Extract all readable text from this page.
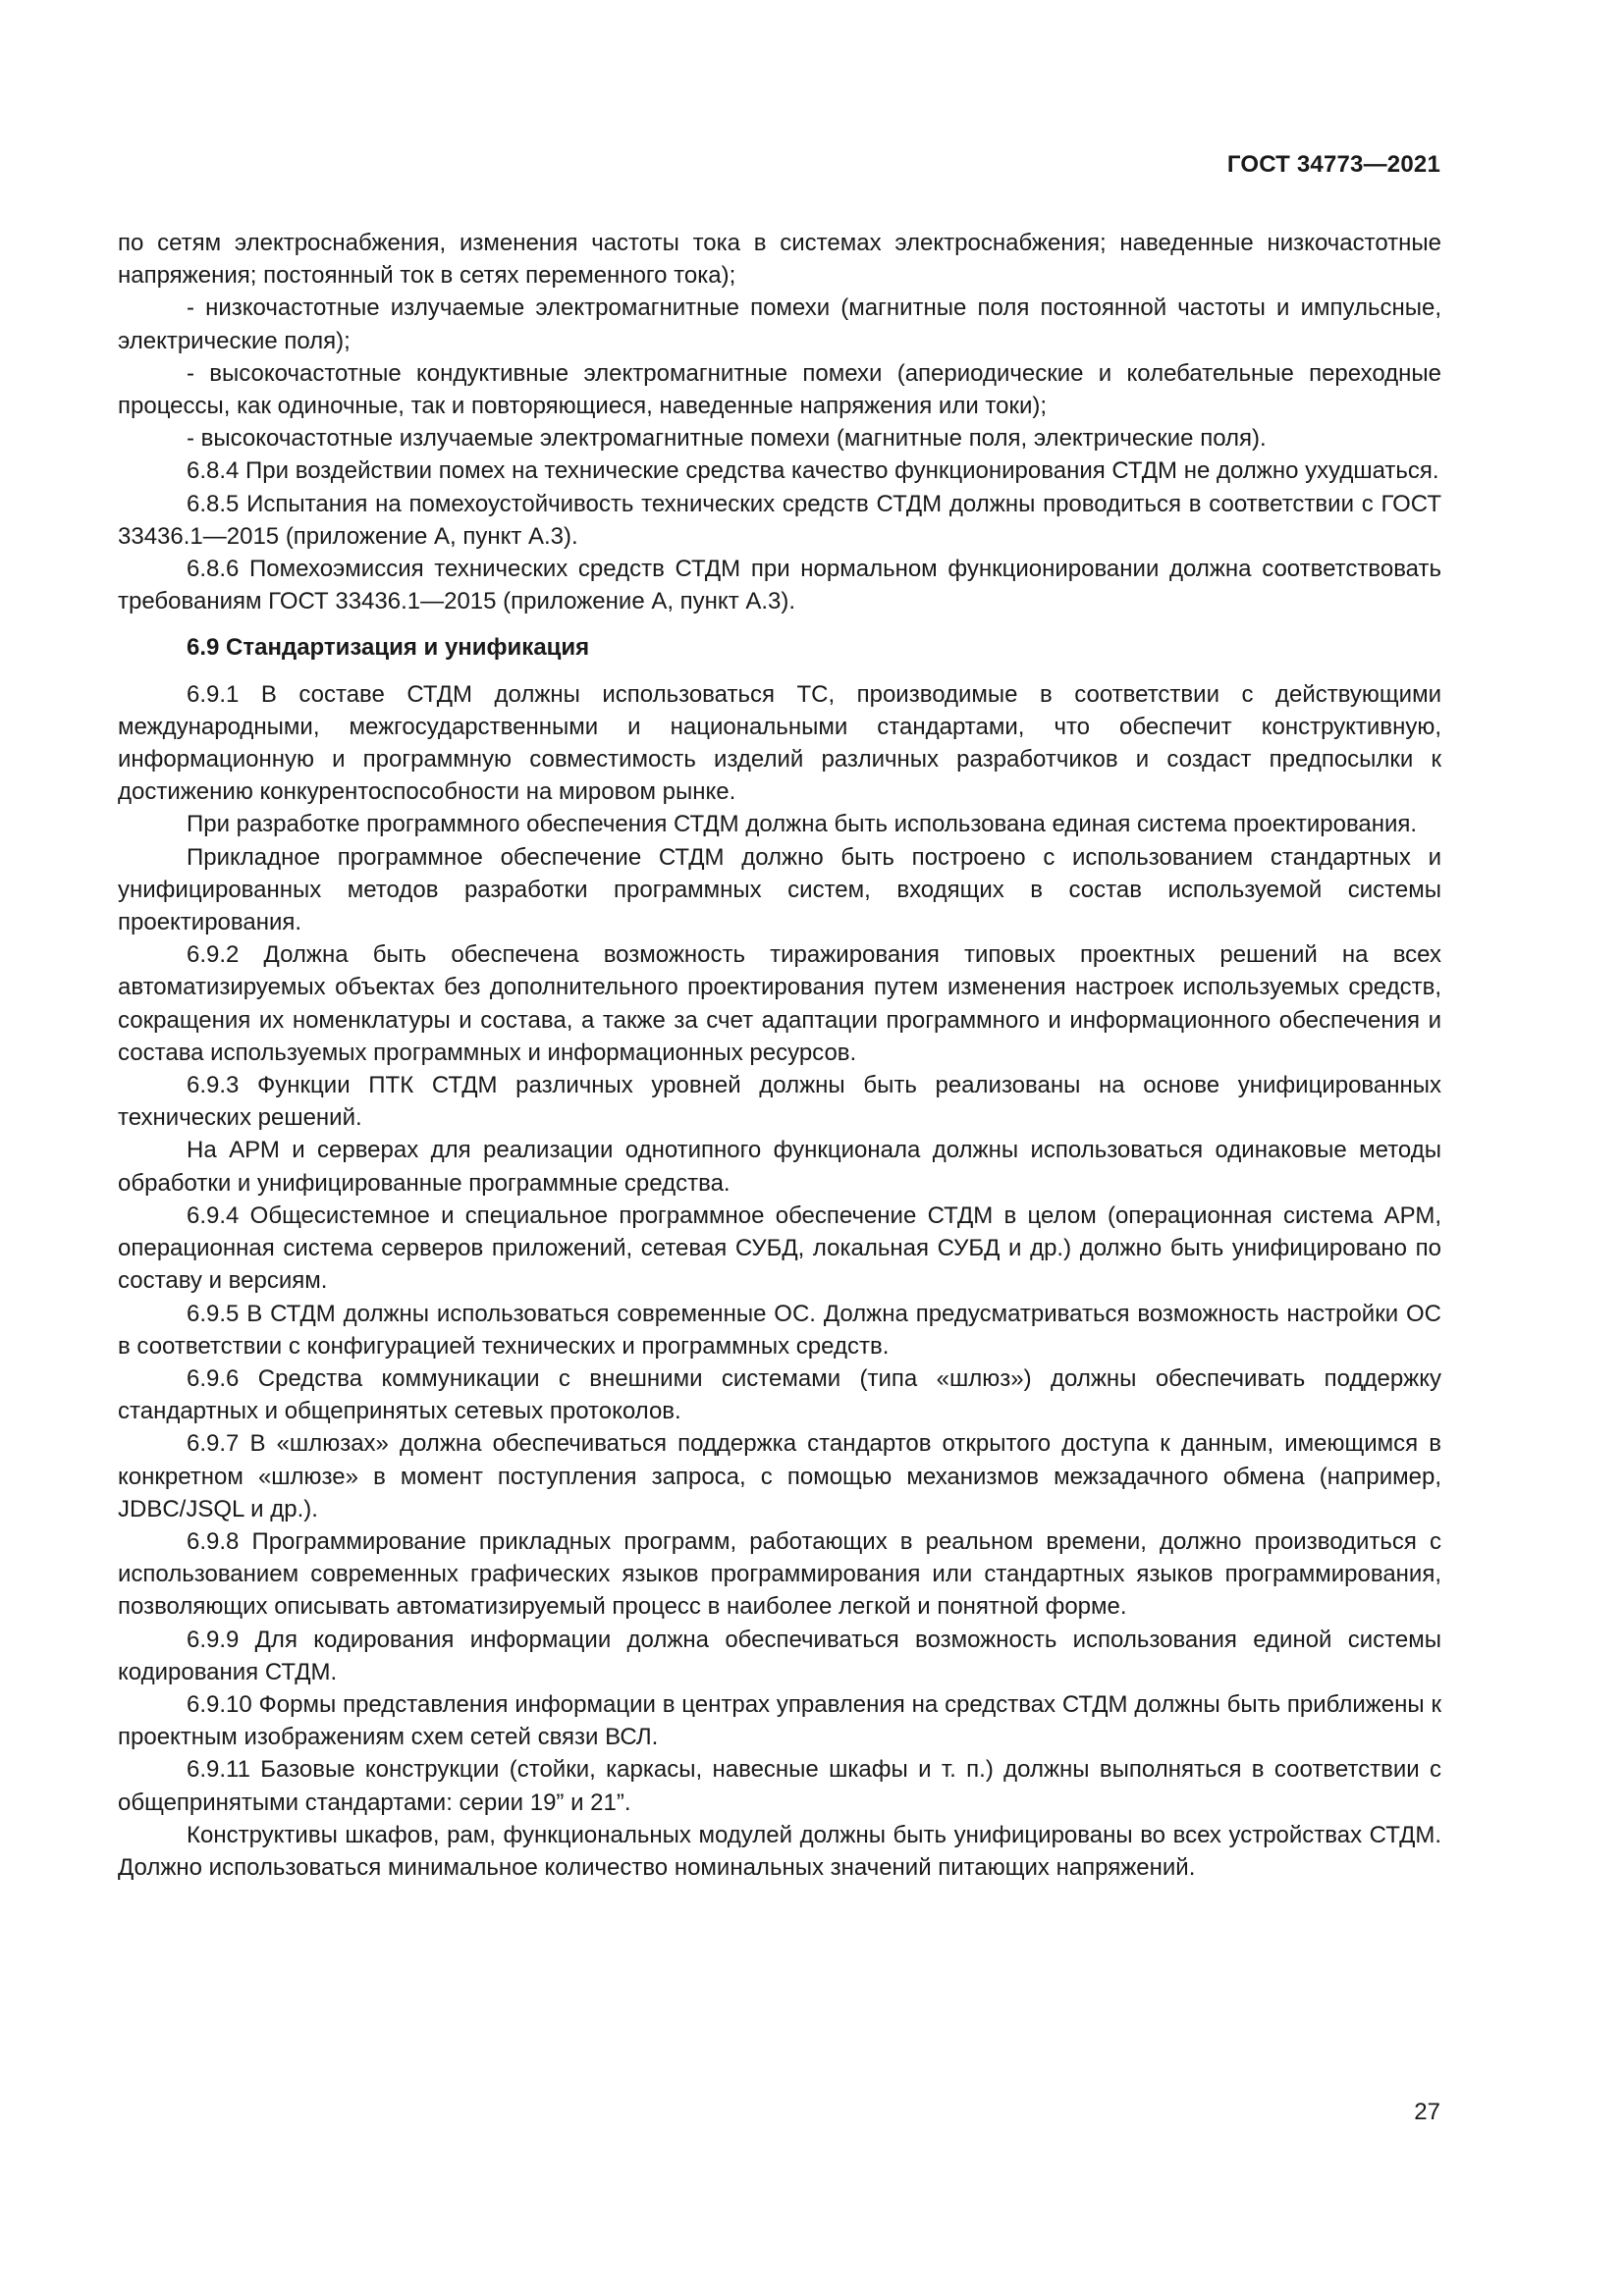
ГОСТ 34773—2021

по сетям электроснабжения, изменения частоты тока в системах электроснабжения; наведенные низкочастотные напряжения; постоянный ток в сетях переменного тока);

- низкочастотные излучаемые электромагнитные помехи (магнитные поля постоянной частоты и импульсные, электрические поля);

- высокочастотные кондуктивные электромагнитные помехи (апериодические и колебательные переходные процессы, как одиночные, так и повторяющиеся, наведенные напряжения или токи);

- высокочастотные излучаемые электромагнитные помехи (магнитные поля, электрические поля).

6.8.4 При воздействии помех на технические средства качество функционирования СТДМ не должно ухудшаться.

6.8.5 Испытания на помехоустойчивость технических средств СТДМ должны проводиться в соответствии с ГОСТ 33436.1—2015 (приложение А, пункт А.3).

6.8.6 Помехоэмиссия технических средств СТДМ при нормальном функционировании должна соответствовать требованиям ГОСТ 33436.1—2015 (приложение А, пункт А.3).

6.9 Стандартизация и унификация

6.9.1 В составе СТДМ должны использоваться ТС, производимые в соответствии с действующими международными, межгосударственными и национальными стандартами, что обеспечит конструктивную, информационную и программную совместимость изделий различных разработчиков и создаст предпосылки к достижению конкурентоспособности на мировом рынке.

При разработке программного обеспечения СТДМ должна быть использована единая система проектирования.

Прикладное программное обеспечение СТДМ должно быть построено с использованием стандартных и унифицированных методов разработки программных систем, входящих в состав используемой системы проектирования.

6.9.2 Должна быть обеспечена возможность тиражирования типовых проектных решений на всех автоматизируемых объектах без дополнительного проектирования путем изменения настроек используемых средств, сокращения их номенклатуры и состава, а также за счет адаптации программного и информационного обеспечения и состава используемых программных и информационных ресурсов.

6.9.3 Функции ПТК СТДМ различных уровней должны быть реализованы на основе унифицированных технических решений.

На АРМ и серверах для реализации однотипного функционала должны использоваться одинаковые методы обработки и унифицированные программные средства.

6.9.4 Общесистемное и специальное программное обеспечение СТДМ в целом (операционная система АРМ, операционная система серверов приложений, сетевая СУБД, локальная СУБД и др.) должно быть унифицировано по составу и версиям.

6.9.5 В СТДМ должны использоваться современные ОС. Должна предусматриваться возможность настройки ОС в соответствии с конфигурацией технических и программных средств.

6.9.6 Средства коммуникации с внешними системами (типа «шлюз») должны обеспечивать поддержку стандартных и общепринятых сетевых протоколов.

6.9.7 В «шлюзах» должна обеспечиваться поддержка стандартов открытого доступа к данным, имеющимся в конкретном «шлюзе» в момент поступления запроса, с помощью механизмов межзадачного обмена (например, JDBC/JSQL и др.).

6.9.8 Программирование прикладных программ, работающих в реальном времени, должно производиться с использованием современных графических языков программирования или стандартных языков программирования, позволяющих описывать автоматизируемый процесс в наиболее легкой и понятной форме.

6.9.9 Для кодирования информации должна обеспечиваться возможность использования единой системы кодирования СТДМ.

6.9.10 Формы представления информации в центрах управления на средствах СТДМ должны быть приближены к проектным изображениям схем сетей связи ВСЛ.

6.9.11 Базовые конструкции (стойки, каркасы, навесные шкафы и т. п.) должны выполняться в соответствии с общепринятыми стандартами: серии 19” и 21”.

Конструктивы шкафов, рам, функциональных модулей должны быть унифицированы во всех устройствах СТДМ. Должно использоваться минимальное количество номинальных значений питающих напряжений.

27
